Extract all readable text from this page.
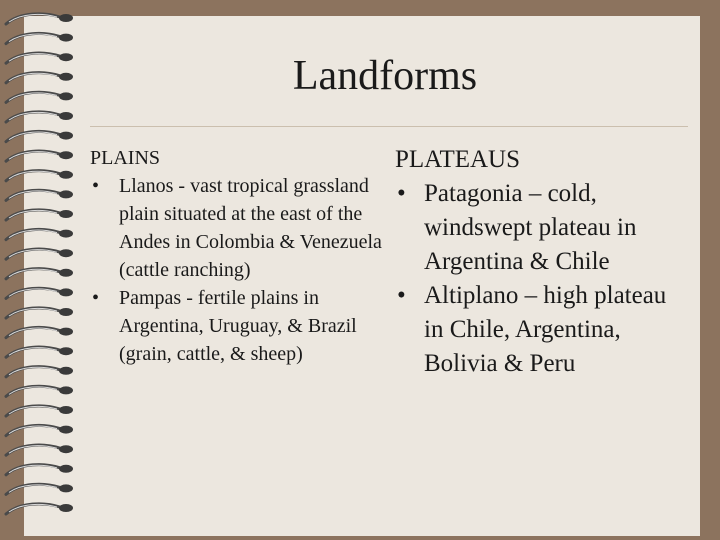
Landforms
PLAINS
• Llanos - vast tropical grassland plain situated at the east of the Andes in Colombia & Venezuela (cattle ranching)
• Pampas - fertile plains in Argentina, Uruguay, & Brazil (grain, cattle, & sheep)
PLATEAUS
• Patagonia – cold, windswept plateau in Argentina & Chile
• Altiplano – high plateau in Chile, Argentina, Bolivia & Peru
